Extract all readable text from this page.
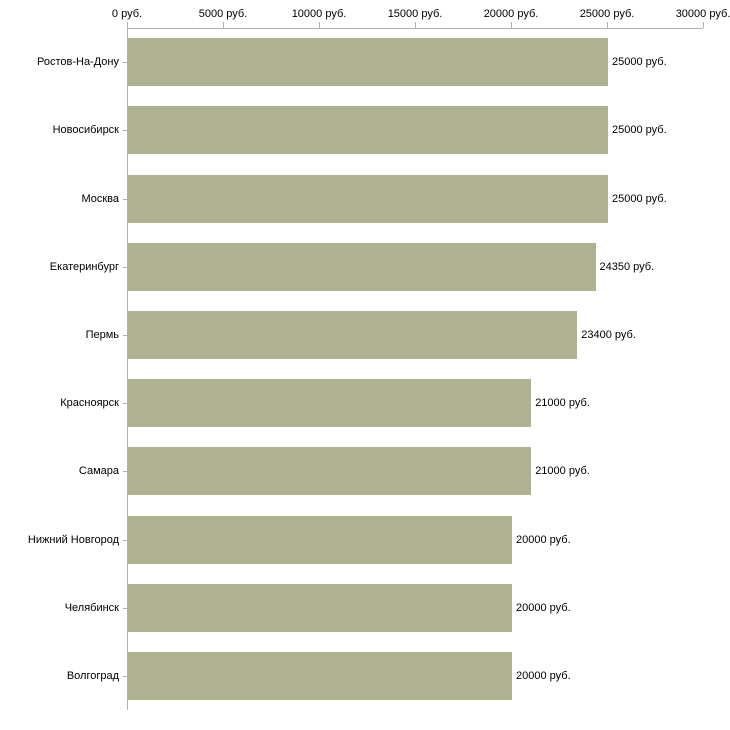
0 руб.	5000 руб.	10000 руб.	15000 руб.	20000 руб.	25000 руб.	30000 руб.
Ростов-На-Дону
Новосибирск
Москва
Екатеринбург
Пермь
Красноярск
Самара
Нижний Новгород
Челябинск
Волгоград
25000 руб.
25000 руб.
25000 руб.
24350 руб.
23400 руб.
21000 руб.
21000 руб.
20000 руб.
20000 руб.
20000 руб.
